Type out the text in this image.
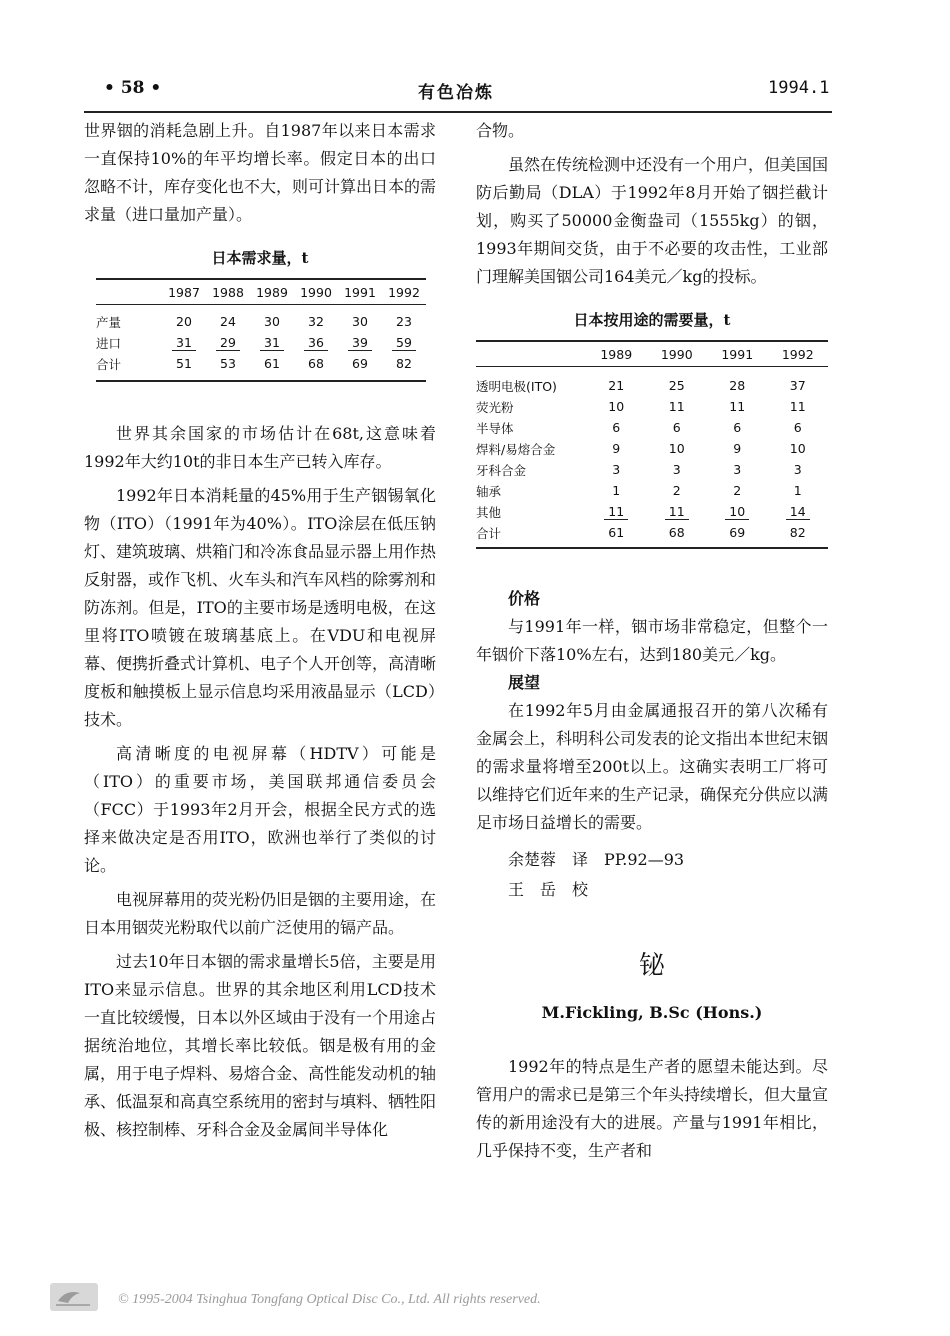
• 58 •	有色冶炼	1994.1

世界铟的消耗急剧上升。自1987年以来日本需求一直保持10%的年平均增长率。假定日本的出口忽略不计，库存变化也不大，则可计算出日本的需求量（进口量加产量）。

日本需求量，t
	1987	1988	1989	1990	1991	1992
产量	20	24	30	32	30	23
进口	31	29	31	36	39	59
合计	51	53	61	68	69	82

世界其余国家的市场估计在68t,这意味着1992年大约10t的非日本生产已转入库存。

1992年日本消耗量的45%用于生产铟锡氧化物（ITO）（1991年为40%）。ITO涂层在低压钠灯、建筑玻璃、烘箱门和冷冻食品显示器上用作热反射器，或作飞机、火车头和汽车风档的除雾剂和防冻剂。但是，ITO的主要市场是透明电极，在这里将ITO喷镀在玻璃基底上。在VDU和电视屏幕、便携折叠式计算机、电子个人开创等，高清晰度板和触摸板上显示信息均采用液晶显示（LCD）技术。

高清晰度的电视屏幕（HDTV）可能是（ITO）的重要市场，美国联邦通信委员会（FCC）于1993年2月开会，根据全民方式的选择来做决定是否用ITO，欧洲也举行了类似的讨论。

电视屏幕用的荧光粉仍旧是铟的主要用途，在日本用铟荧光粉取代以前广泛使用的镉产品。

过去10年日本铟的需求量增长5倍，主要是用ITO来显示信息。世界的其余地区利用LCD技术一直比较缓慢，日本以外区域由于没有一个用途占据统治地位，其增长率比较低。铟是极有用的金属，用于电子焊料、易熔合金、高性能发动机的轴承、低温泵和高真空系统用的密封与填料、牺牲阳极、核控制棒、牙科合金及金属间半导体化

合物。

虽然在传统检测中还没有一个用户，但美国国防后勤局（DLA）于1992年8月开始了铟拦截计划，购买了50000金衡盎司（1555kg）的铟，1993年期间交货，由于不必要的攻击性，工业部门理解美国铟公司164美元／kg的投标。

日本按用途的需要量，t
	1989	1990	1991	1992
透明电极(ITO)	21	25	28	37
荧光粉	10	11	11	11
半导体	6	6	6	6
焊料/易熔合金	9	10	9	10
牙科合金	3	3	3	3
轴承	1	2	2	1
其他	11	11	10	14
合计	61	68	69	82

价格

与1991年一样，铟市场非常稳定，但整个一年铟价下落10%左右，达到180美元／kg。

展望

在1992年5月由金属通报召开的第八次稀有金属会上，科明科公司发表的论文指出本世纪末铟的需求量将增至200t以上。这确实表明工厂将可以维持它们近年来的生产记录，确保充分供应以满足市场日益增长的需要。

余楚蓉　译　PP.92—93

王　岳　校

铋
M.Fickling, B.Sc (Hons.)

1992年的特点是生产者的愿望未能达到。尽管用户的需求已是第三个年头持续增长，但大量宣传的新用途没有大的进展。产量与1991年相比，几乎保持不变，生产者和

© 1995-2004 Tsinghua Tongfang Optical Disc Co., Ltd. All rights reserved.
